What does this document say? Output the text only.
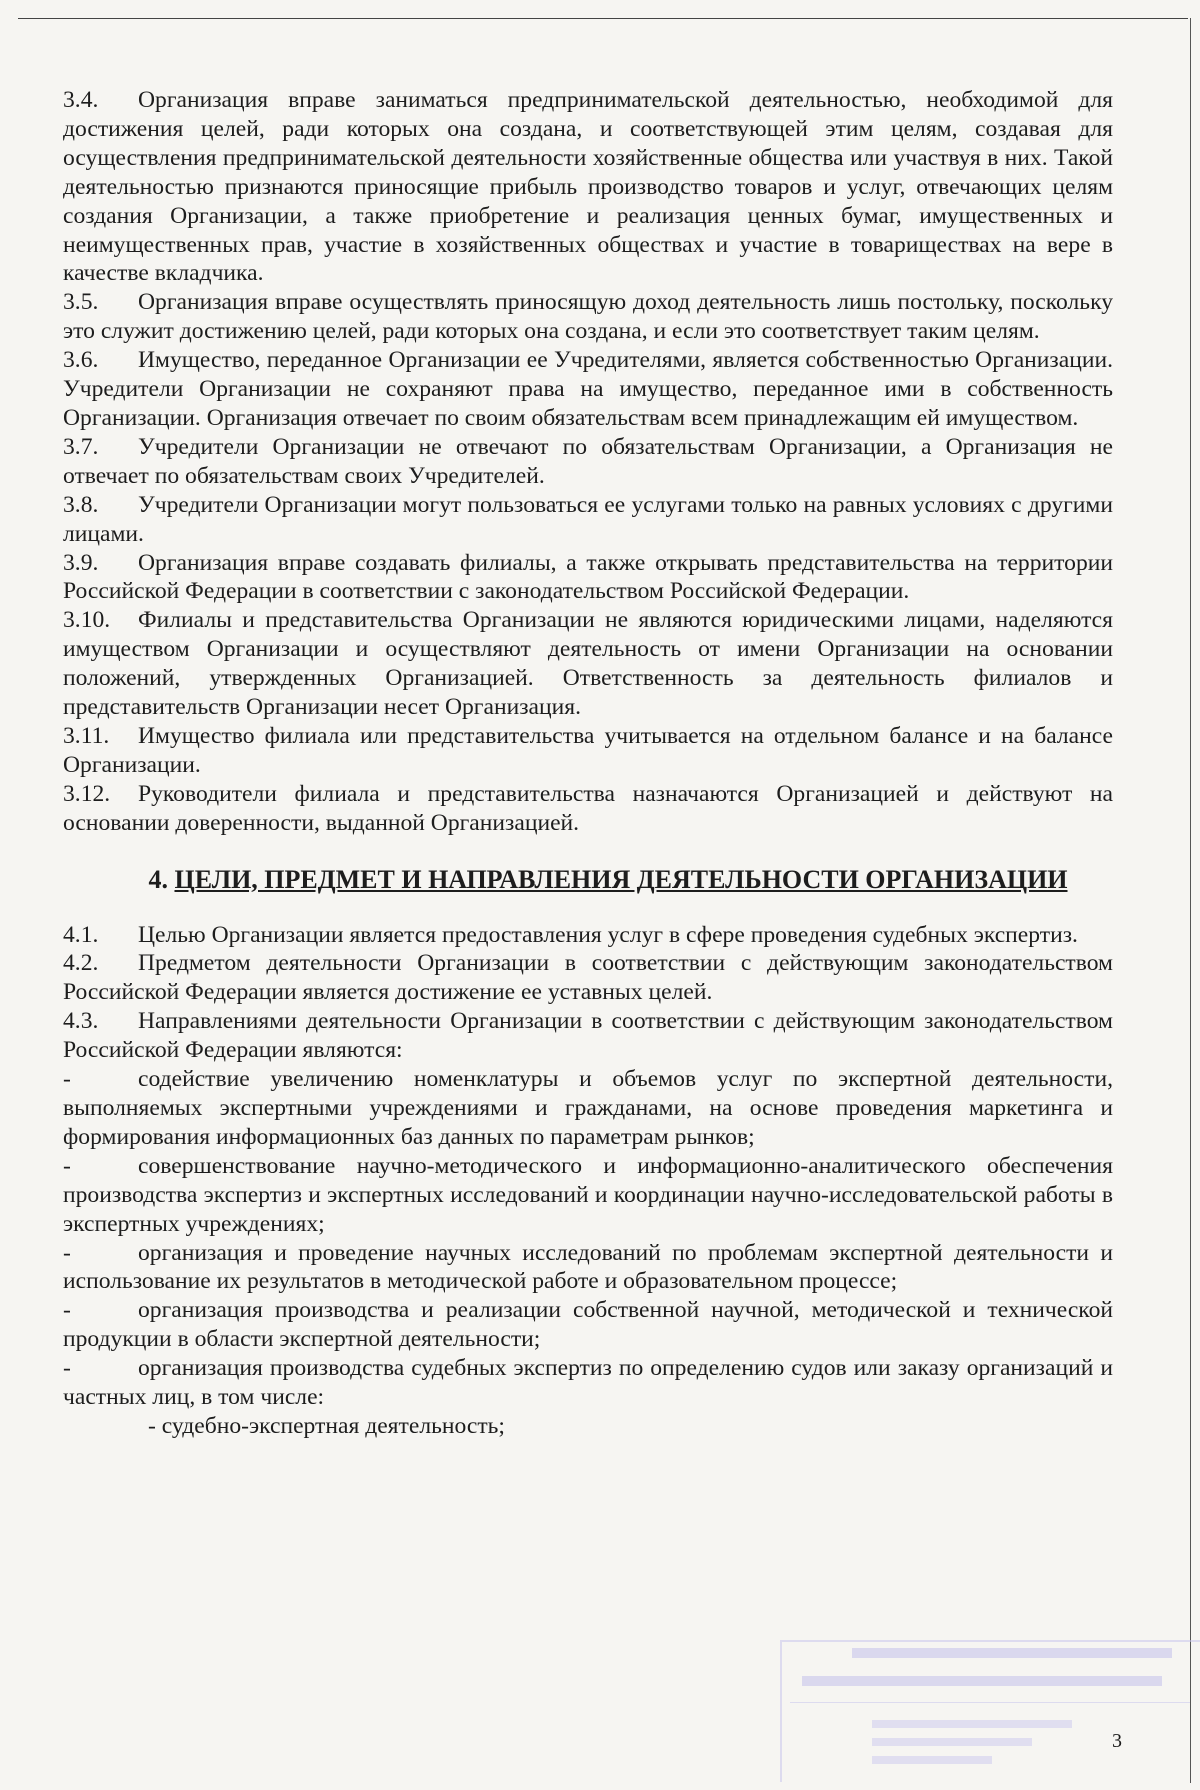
3.4. Организация вправе заниматься предпринимательской деятельностью, необходимой для достижения целей, ради которых она создана, и соответствующей этим целям, создавая для осуществления предпринимательской деятельности хозяйственные общества или участвуя в них. Такой деятельностью признаются приносящие прибыль производство товаров и услуг, отвечающих целям создания Организации, а также приобретение и реализация ценных бумаг, имущественных и неимущественных прав, участие в хозяйственных обществах и участие в товариществах на вере в качестве вкладчика.

3.5. Организация вправе осуществлять приносящую доход деятельность лишь постольку, поскольку это служит достижению целей, ради которых она создана, и если это соответствует таким целям.

3.6. Имущество, переданное Организации ее Учредителями, является собственностью Организации. Учредители Организации не сохраняют права на имущество, переданное ими в собственность Организации. Организация отвечает по своим обязательствам всем принадлежащим ей имуществом.

3.7. Учредители Организации не отвечают по обязательствам Организации, а Организация не отвечает по обязательствам своих Учредителей.

3.8. Учредители Организации могут пользоваться ее услугами только на равных условиях с другими лицами.

3.9. Организация вправе создавать филиалы, а также открывать представительства на территории Российской Федерации в соответствии с законодательством Российской Федерации.

3.10. Филиалы и представительства Организации не являются юридическими лицами, наделяются имуществом Организации и осуществляют деятельность от имени Организации на основании положений, утвержденных Организацией. Ответственность за деятельность филиалов и представительств Организации несет Организация.

3.11. Имущество филиала или представительства учитывается на отдельном балансе и на балансе Организации.

3.12. Руководители филиала и представительства назначаются Организацией и действуют на основании доверенности, выданной Организацией.

4. ЦЕЛИ, ПРЕДМЕТ И НАПРАВЛЕНИЯ ДЕЯТЕЛЬНОСТИ ОРГАНИЗАЦИИ

4.1. Целью Организации является предоставления услуг в сфере проведения судебных экспертиз.

4.2. Предметом деятельности Организации в соответствии с действующим законодательством Российской Федерации является достижение ее уставных целей.

4.3. Направлениями деятельности Организации в соответствии с действующим законодательством Российской Федерации являются:

-	содействие увеличению номенклатуры и объемов услуг по экспертной деятельности, выполняемых экспертными учреждениями и гражданами, на основе проведения маркетинга и формирования информационных баз данных по параметрам рынков;

-	совершенствование научно-методического и информационно-аналитического обеспечения производства экспертиз и экспертных исследований и координации научно-исследовательской работы в экспертных учреждениях;

-	организация и проведение научных исследований по проблемам экспертной деятельности и использование их результатов в методической работе и образовательном процессе;

-	организация производства и реализации собственной научной, методической и технической продукции в области экспертной деятельности;

-	организация производства судебных экспертиз по определению судов или заказу организаций и частных лиц, в том числе:

- судебно-экспертная деятельность;

3
